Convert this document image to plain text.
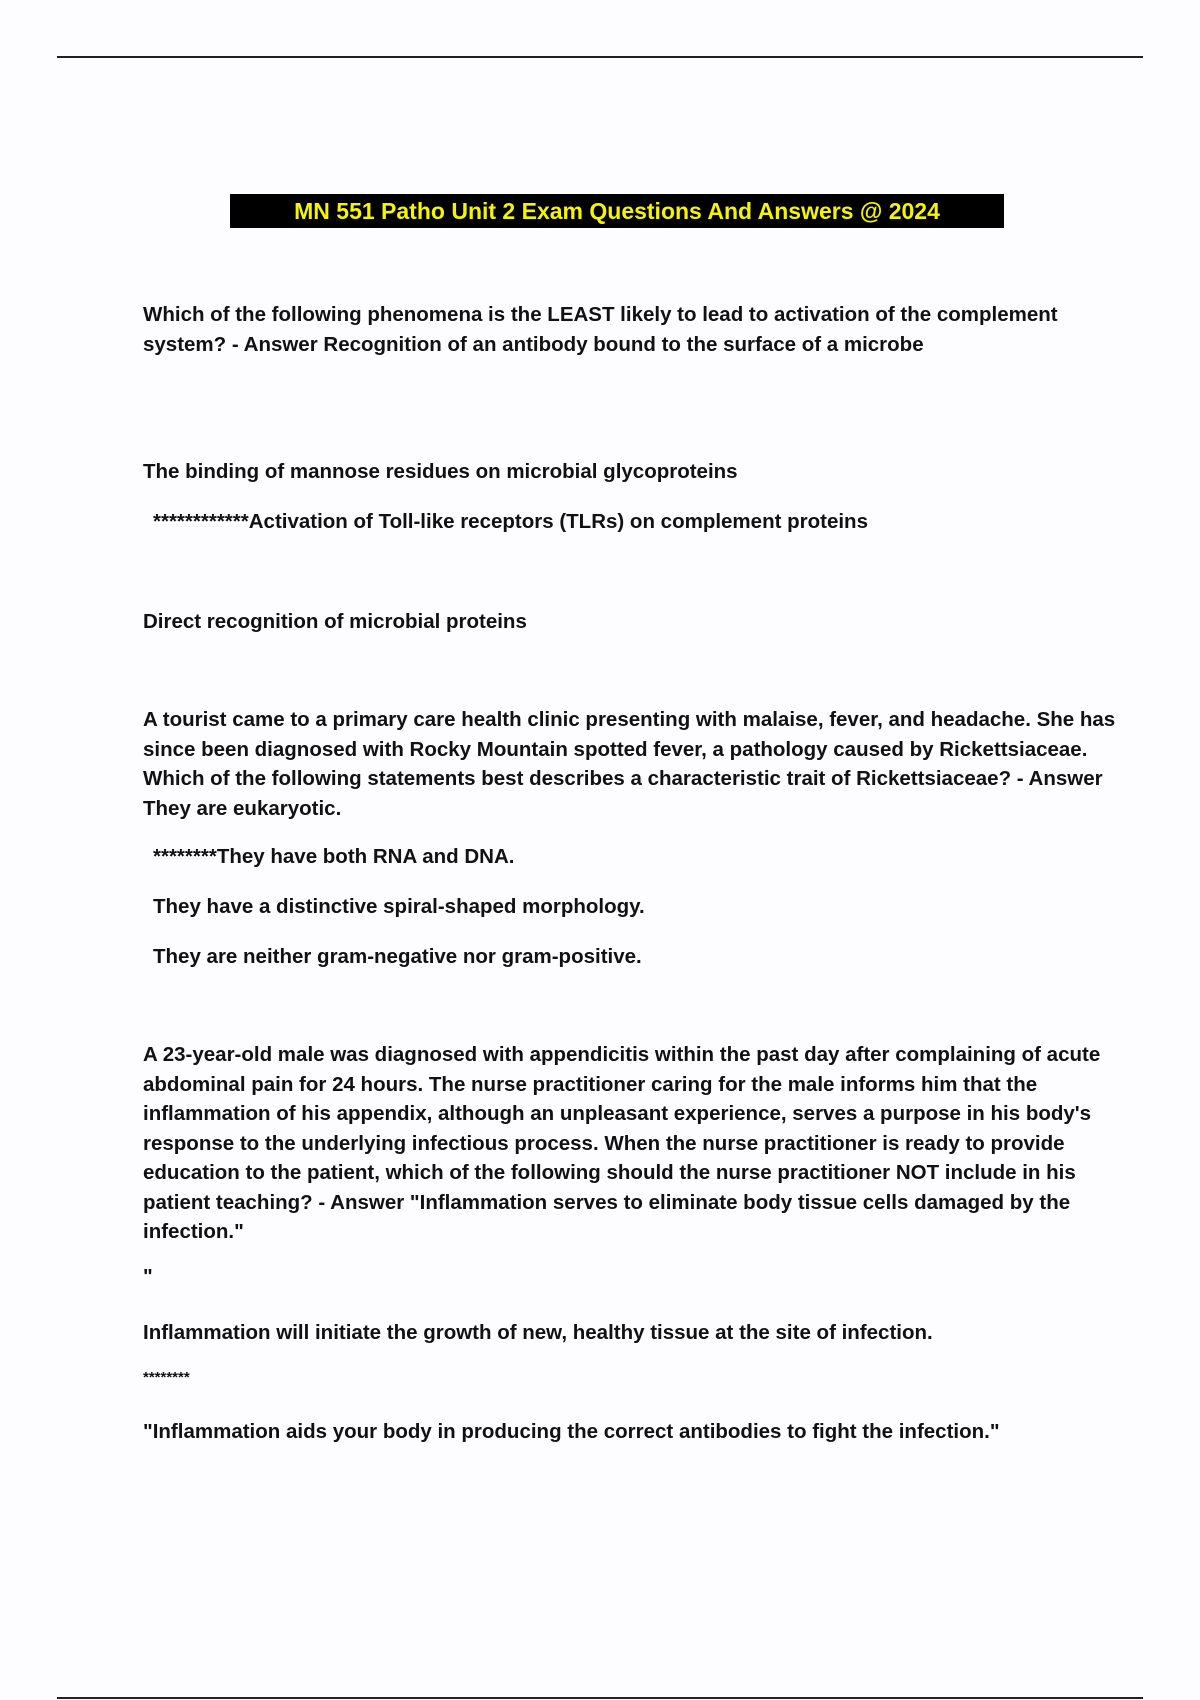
MN 551 Patho Unit 2 Exam Questions And Answers @ 2024
Which of the following phenomena is the LEAST likely to lead to activation of the complement system? - Answer Recognition of an antibody bound to the surface of a microbe
The binding of mannose residues on microbial glycoproteins
************Activation of Toll-like receptors (TLRs) on complement proteins
Direct recognition of microbial proteins
A tourist came to a primary care health clinic presenting with malaise, fever, and headache. She has since been diagnosed with Rocky Mountain spotted fever, a pathology caused by Rickettsiaceae. Which of the following statements best describes a characteristic trait of Rickettsiaceae? - Answer They are eukaryotic.
********They have both RNA and DNA.
They have a distinctive spiral-shaped morphology.
They are neither gram-negative nor gram-positive.
A 23-year-old male was diagnosed with appendicitis within the past day after complaining of acute abdominal pain for 24 hours. The nurse practitioner caring for the male informs him that the inflammation of his appendix, although an unpleasant experience, serves a purpose in his body's response to the underlying infectious process. When the nurse practitioner is ready to provide education to the patient, which of the following should the nurse practitioner NOT include in his patient teaching? - Answer "Inflammation serves to eliminate body tissue cells damaged by the infection."
"
Inflammation will initiate the growth of new, healthy tissue at the site of infection.
********
"Inflammation aids your body in producing the correct antibodies to fight the infection."
